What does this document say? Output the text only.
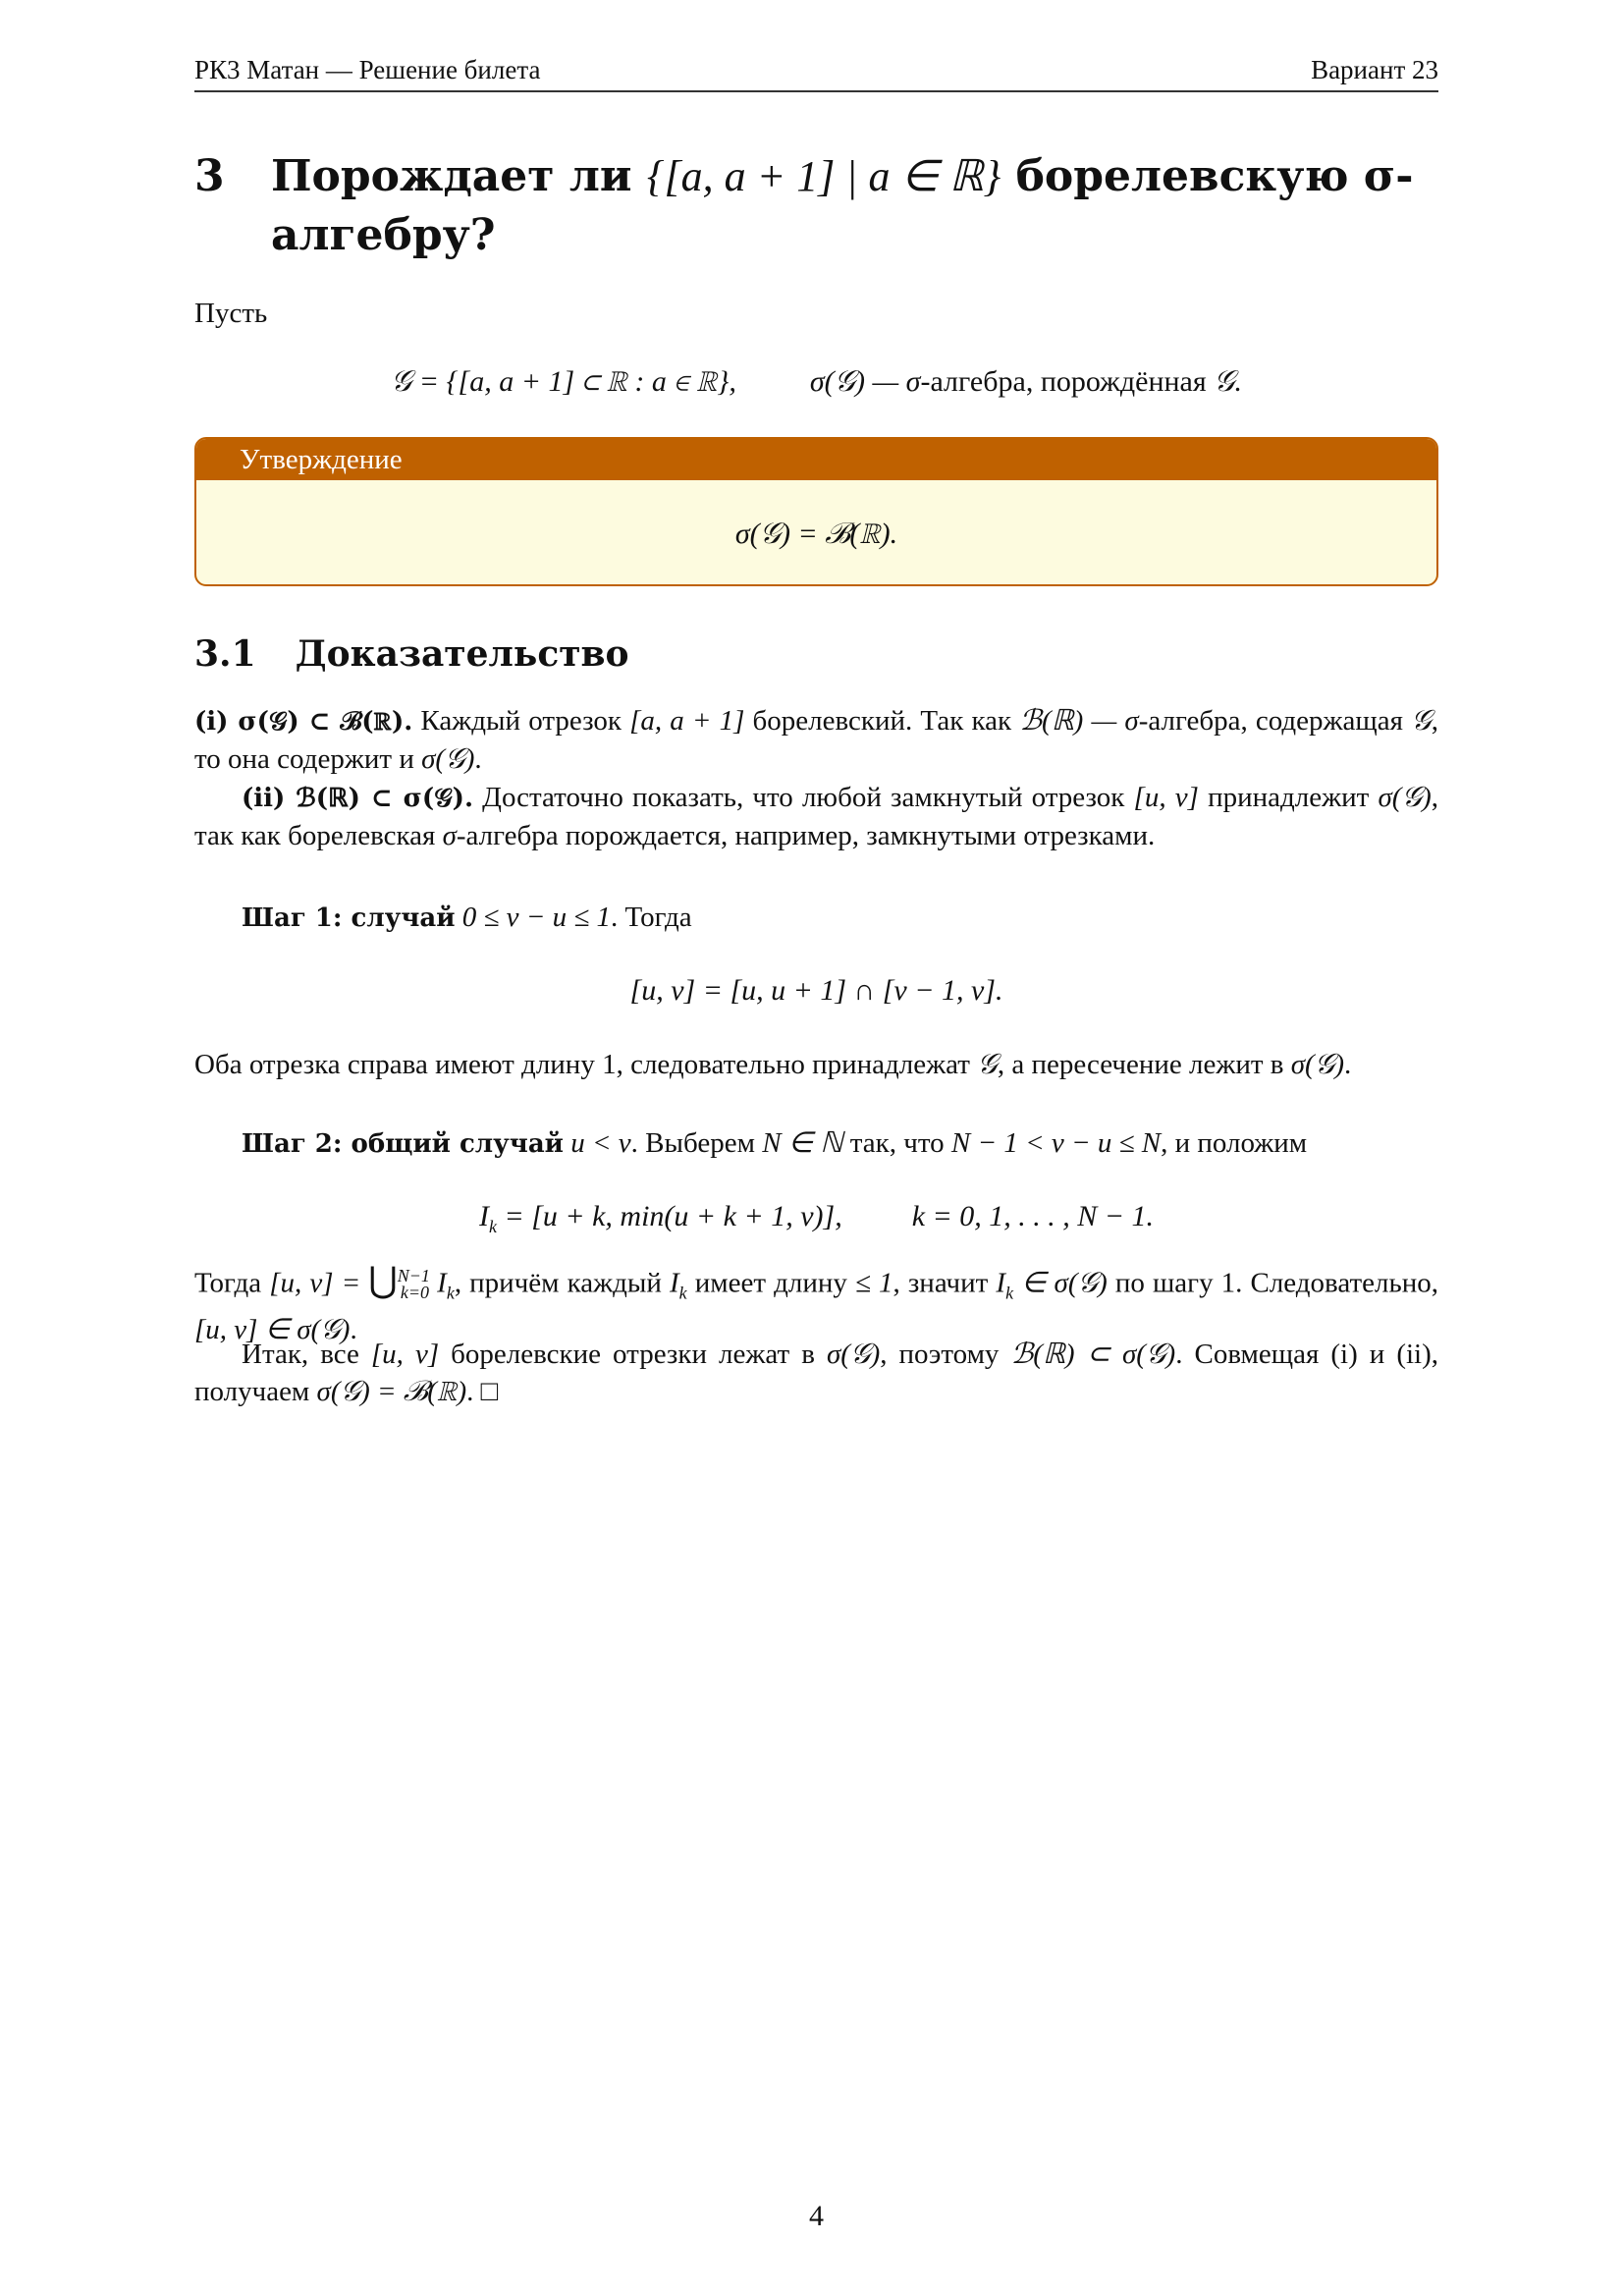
РК3 Матан — Решение билета	Вариант 23
3 Порождает ли {[a, a + 1] | a ∈ ℝ} борелевскую σ-алгебру?
Пусть
𝒢 = {[a, a + 1] ⊂ ℝ : a ∈ ℝ},	σ(𝒢) — σ-алгебра, порождённая 𝒢.
Утверждение
σ(𝒢) = ℬ(ℝ).
3.1 Доказательство
(i) σ(𝒢) ⊂ ℬ(ℝ). Каждый отрезок [a, a + 1] борелевский. Так как ℬ(ℝ) — σ-алгебра, содержащая 𝒢, то она содержит и σ(𝒢).
(ii) ℬ(ℝ) ⊂ σ(𝒢). Достаточно показать, что любой замкнутый отрезок [u, v] принадлежит σ(𝒢), так как борелевская σ-алгебра порождается, например, замкнутыми отрезками.
Шаг 1: случай 0 ≤ v − u ≤ 1. Тогда
[u, v] = [u, u + 1] ∩ [v − 1, v].
Оба отрезка справа имеют длину 1, следовательно принадлежат 𝒢, а пересечение лежит в σ(𝒢).
Шаг 2: общий случай u < v. Выберем N ∈ ℕ так, что N − 1 < v − u ≤ N, и положим
$I_k = [u + k$, min(u + k + 1, v)], k = 0, 1, . . . , N − 1.
Тогда [u, v] = ⋃$^{N-1}_{k=0}$ $I_k$, причём каждый $I_k$ имеет длину ≤ 1, значит $I_k$ ∈ σ(𝒢) по шагу 1. Следовательно, [u, v] ∈ σ(𝒢).
Итак, все [u, v] борелевские отрезки лежат в σ(𝒢), поэтому ℬ(ℝ) ⊂ σ(𝒢). Совмещая (i) и (ii), получаем σ(𝒢) = ℬ(ℝ). □
4
